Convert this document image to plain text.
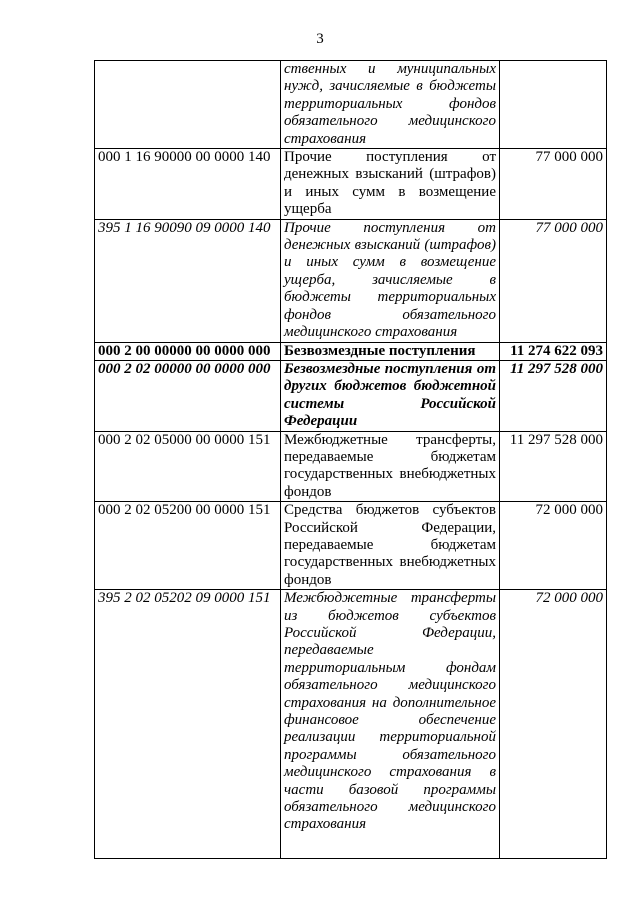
3
	ственных и муниципальных нужд, зачисляемые в бюджеты территориальных фондов обязательного медицинского страхования	
000 1 16 90000 00 0000 140	Прочие поступления от денежных взысканий (штрафов) и иных сумм в возмещение ущерба	77 000 000
395 1 16 90090 09 0000 140	Прочие поступления от денежных взысканий (штрафов) и иных сумм в возмещение ущерба, зачисляемые в бюджеты территориальных фондов обязательного медицинского страхования	77 000 000
000 2 00 00000 00 0000 000	Безвозмездные поступления	11 274 622 093
000 2 02 00000 00 0000 000	Безвозмездные поступления от других бюджетов бюджетной системы Российской Федерации	11 297 528 000
000 2 02 05000 00 0000 151	Межбюджетные трансферты, передаваемые бюджетам государственных внебюджетных фондов	11 297 528 000
000 2 02 05200 00 0000 151	Средства бюджетов субъектов Российской Федерации, передаваемые бюджетам государственных внебюджетных фондов	72 000 000
395 2 02 05202 09 0000 151	Межбюджетные трансферты из бюджетов субъектов Российской Федерации, передаваемые территориальным фондам обязательного медицинского страхования на дополнительное финансовое обеспечение реализации территориальной программы обязательного медицинского страхования в части базовой программы обязательного медицинского страхования	72 000 000
